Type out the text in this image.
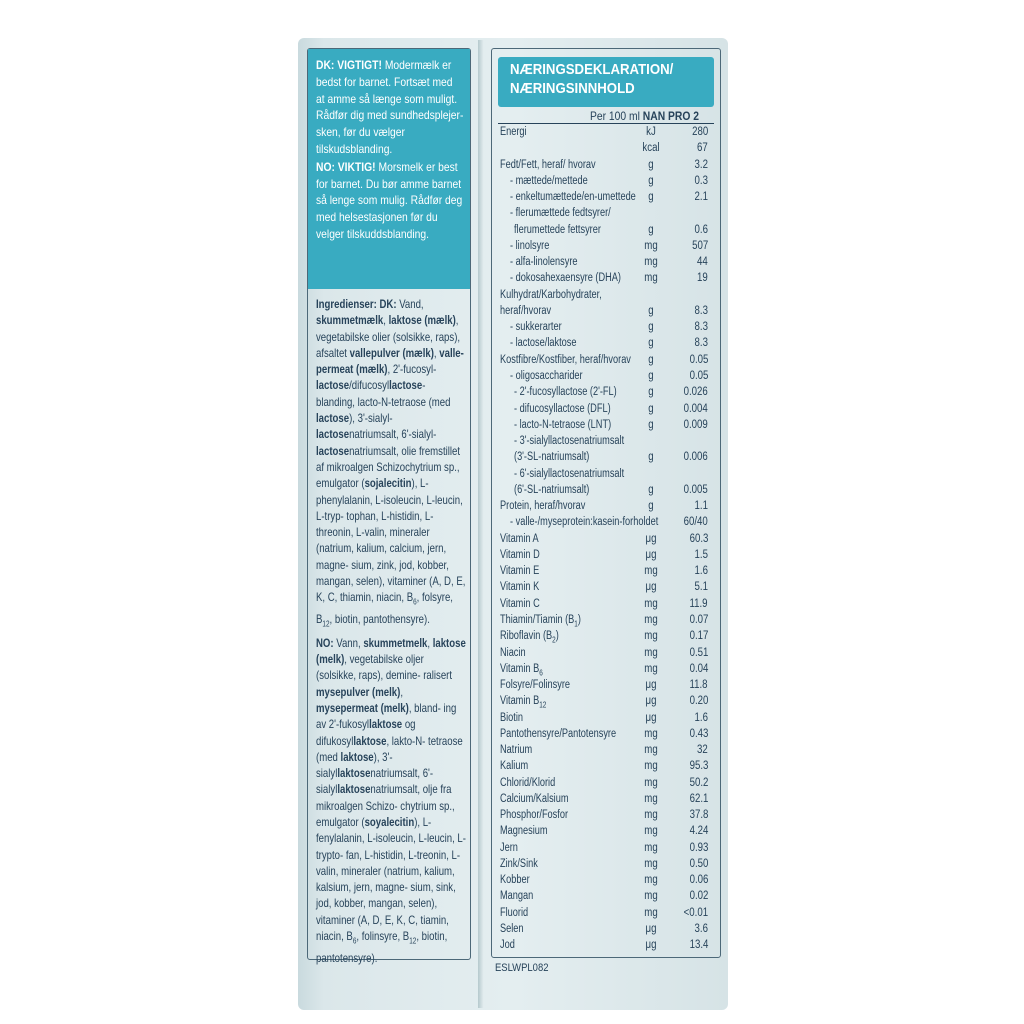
DK: VIGTIGT! Modermælk er bedst for barnet. Fortsæt med at amme så længe som muligt. Rådfør dig med sundhedsplejer- sken, før du vælger tilskudsblanding.

NO: VIKTIG! Morsmelk er best for barnet. Du bør amme barnet så lenge som mulig. Rådfør deg med helsestasjonen før du velger tilskuddsblanding.

Ingredienser: DK: Vand, skummetmælk, laktose (mælk), vegetabilske olier (solsikke, raps), afsaltet vallepulver (mælk), valle- permeat (mælk), 2'-fucosyl- lactose/difucosyllactose- blanding, lacto-N-tetraose (med lactose), 3'-sialyl- lactosenatriumsalt, 6'-sialyl- lactosenatriumsalt, olie fremstillet af mikroalgen Schizochytrium sp., emulgator (sojalecitin), L-phenylalanin, L-isoleucin, L-leucin, L-tryp- tophan, L-histidin, L-threonin, L-valin, mineraler (natrium, kalium, calcium, jern, magne- sium, zink, jod, kobber, mangan, selen), vitaminer (A, D, E, K, C, thiamin, niacin, $B_6$, folsyre, $B_{12}$, biotin, pantothensyre).

NO: Vann, skummetmelk, laktose (melk), vegetabilske oljer (solsikke, raps), demine- ralisert mysepulver (melk), mysepermeat (melk), bland- ing av 2'-fukosyllaktose og difukosyllaktose, lakto-N- tetraose (med laktose), 3'-sialyllaktosenatriumsalt, 6'-sialyllaktosenatriumsalt, olje fra mikroalgen Schizo- chytrium sp., emulgator (soyalecitin), L-fenylalanin, L-isoleucin, L-leucin, L-trypto- fan, L-histidin, L-treonin, L-valin, mineraler (natrium, kalium, kalsium, jern, magne- sium, sink, jod, kobber, mangan, selen), vitaminer (A, D, E, K, C, tiamin, niacin, $B_6$, folinsyre, $B_{12}$, biotin, pantotensyre).

NÆRINGSDEKLARATION/
NÆRINGSINNHOLD
Per 100 ml NAN PRO 2
Energi	kJ	280
kcal	67
Fedt/Fett, heraf/ hvorav	g	3.2
- mættede/mettede	g	0.3
- enkeltumættede/en-umettede	g	2.1
- flerumættede fedtsyrer/
flerumettede fettsyrer	g	0.6
- linolsyre	mg	507
- alfa-linolensyre	mg	44
- dokosahexaensyre (DHA)	mg	19
Kulhydrat/Karbohydrater,
heraf/hvorav	g	8.3
- sukkerarter	g	8.3
- lactose/laktose	g	8.3
Kostfibre/Kostfiber, heraf/hvorav	g	0.05
- oligosaccharider	g	0.05
- 2'-fucosyllactose (2'-FL)	g	0.026
- difucosyllactose (DFL)	g	0.004
- lacto-N-tetraose (LNT)	g	0.009
- 3'-sialyllactosenatriumsalt
(3'-SL-natriumsalt)	g	0.006
- 6'-sialyllactosenatriumsalt
(6'-SL-natriumsalt)	g	0.005
Protein, heraf/hvorav	g	1.1
- valle-/myseprotein:kasein-forholdet 60/40
Vitamin A	μg	60.3
Vitamin D	μg	1.5
Vitamin E	mg	1.6
Vitamin K	μg	5.1
Vitamin C	mg	11.9
Thiamin/Tiamin $(B_1)$	mg	0.07
Riboflavin $(B_2)$	mg	0.17
Niacin	mg	0.51
Vitamin $B_6$	mg	0.04
Folsyre/Folinsyre	μg	11.8
Vitamin $B_{12}$	μg	0.20
Biotin	μg	1.6
Pantothensyre/Pantotensyre	mg	0.43
Natrium	mg	32
Kalium	mg	95.3
Chlorid/Klorid	mg	50.2
Calcium/Kalsium	mg	62.1
Phosphor/Fosfor	mg	37.8
Magnesium	mg	4.24
Jern	mg	0.93
Zink/Sink	mg	0.50
Kobber	mg	0.06
Mangan	mg	0.02
Fluorid	mg	<0.01
Selen	μg	3.6
Jod	μg	13.4
ESLWPL082
